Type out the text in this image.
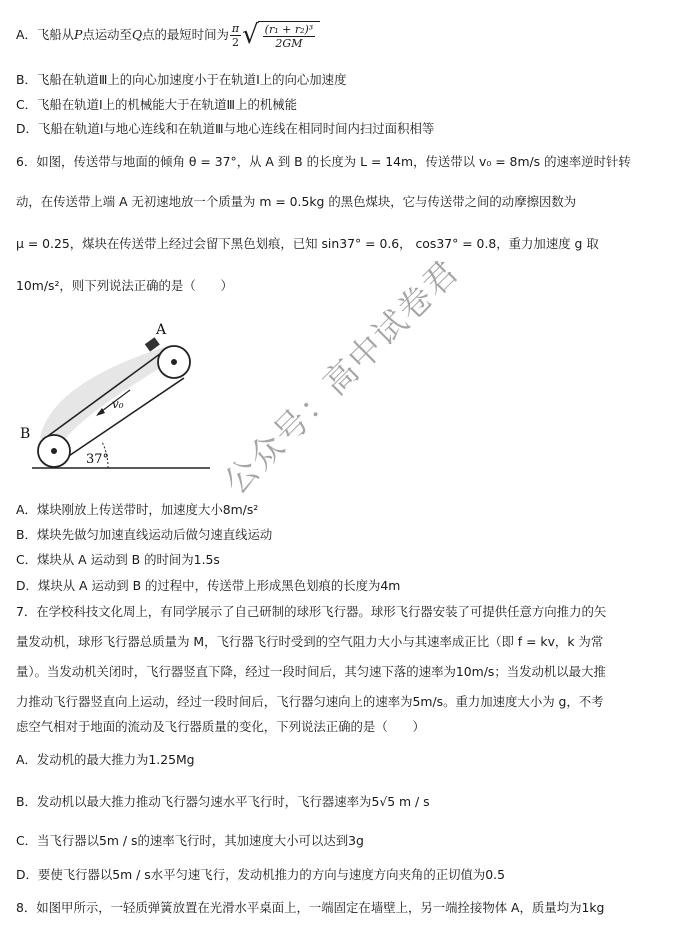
A．飞船从 P 点运动至 Q 点的最短时间为 $\frac{\pi}{2}$ √ $\frac{\text{(r₁ + r₂)³}}{2GM}$
B．飞船在轨道Ⅲ上的向心加速度小于在轨道Ⅰ上的向心加速度
C．飞船在轨道Ⅰ上的机械能大于在轨道Ⅲ上的机械能
D．飞船在轨道Ⅰ与地心连线和在轨道Ⅲ与地心连线在相同时间内扫过面积相等
6．如图，传送带与地面的倾角 θ = 37°，从 A 到 B 的长度为 L = 14m，传送带以 v₀ = 8m/s 的速率逆时针转
动，在传送带上端 A 无初速地放一个质量为 m = 0.5kg 的黑色煤块，它与传送带之间的动摩擦因数为
μ = 0.25，煤块在传送带上经过会留下黑色划痕，已知 sin37° = 0.6， cos37° = 0.8，重力加速度 g 取
10m/s²，则下列说法正确的是（　　）
A
B
v₀
37°
A．煤块刚放上传送带时，加速度大小8m/s²
B．煤块先做匀加速直线运动后做匀速直线运动
C．煤块从 A 运动到 B 的时间为1.5s
D．煤块从 A 运动到 B 的过程中，传送带上形成黑色划痕的长度为4m
7．在学校科技文化周上，有同学展示了自己研制的球形飞行器。球形飞行器安装了可提供任意方向推力的矢
量发动机，球形飞行器总质量为 M，飞行器飞行时受到的空气阻力大小与其速率成正比（即 f = kv，k 为常
量）。当发动机关闭时，飞行器竖直下降，经过一段时间后，其匀速下落的速率为10m/s；当发动机以最大推
力推动飞行器竖直向上运动，经过一段时间后，飞行器匀速向上的速率为5m/s。重力加速度大小为 g，不考
虑空气相对于地面的流动及飞行器质量的变化，下列说法正确的是（　　）
A．发动机的最大推力为1.25Mg
B．发动机以最大推力推动飞行器匀速水平飞行时，飞行器速率为5√5 m / s
C．当飞行器以5m / s的速率飞行时，其加速度大小可以达到3g
D．要使飞行器以5m / s水平匀速飞行，发动机推力的方向与速度方向夹角的正切值为0.5
8．如图甲所示，一轻质弹簧放置在光滑水平桌面上，一端固定在墙壁上，另一端拴接物体 A，质量均为1kg
公众号：高中试卷君
